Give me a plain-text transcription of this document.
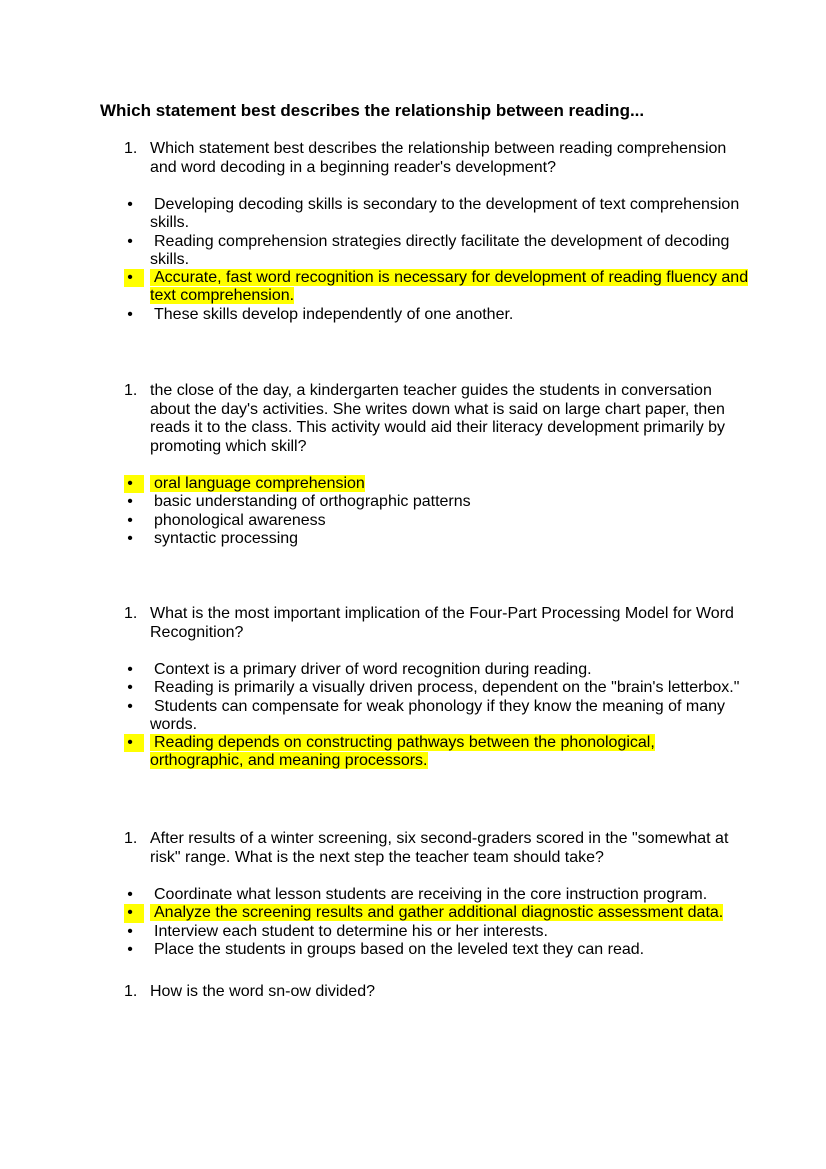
Which statement best describes the relationship between reading...
1. Which statement best describes the relationship between reading comprehension and word decoding in a beginning reader's development?
• Developing decoding skills is secondary to the development of text comprehension skills.
• Reading comprehension strategies directly facilitate the development of decoding skills.
•	Accurate, fast word recognition is necessary for development of reading fluency and text comprehension.
• These skills develop independently of one another.
1. the close of the day, a kindergarten teacher guides the students in conversation about the day's activities. She writes down what is said on large chart paper, then reads it to the class. This activity would aid their literacy development primarily by promoting which skill?
•	oral language comprehension
• basic understanding of orthographic patterns
• phonological awareness
• syntactic processing
1. What is the most important implication of the Four-Part Processing Model for Word Recognition?
• Context is a primary driver of word recognition during reading.
• Reading is primarily a visually driven process, dependent on the "brain's letterbox."
• Students can compensate for weak phonology if they know the meaning of many words.
•	Reading depends on constructing pathways between the phonological, orthographic, and meaning processors.
1. After results of a winter screening, six second-graders scored in the "somewhat at risk" range. What is the next step the teacher team should take?
• Coordinate what lesson students are receiving in the core instruction program.
•	Analyze the screening results and gather additional diagnostic assessment data.
• Interview each student to determine his or her interests.
• Place the students in groups based on the leveled text they can read.
1. How is the word sn-ow divided?
